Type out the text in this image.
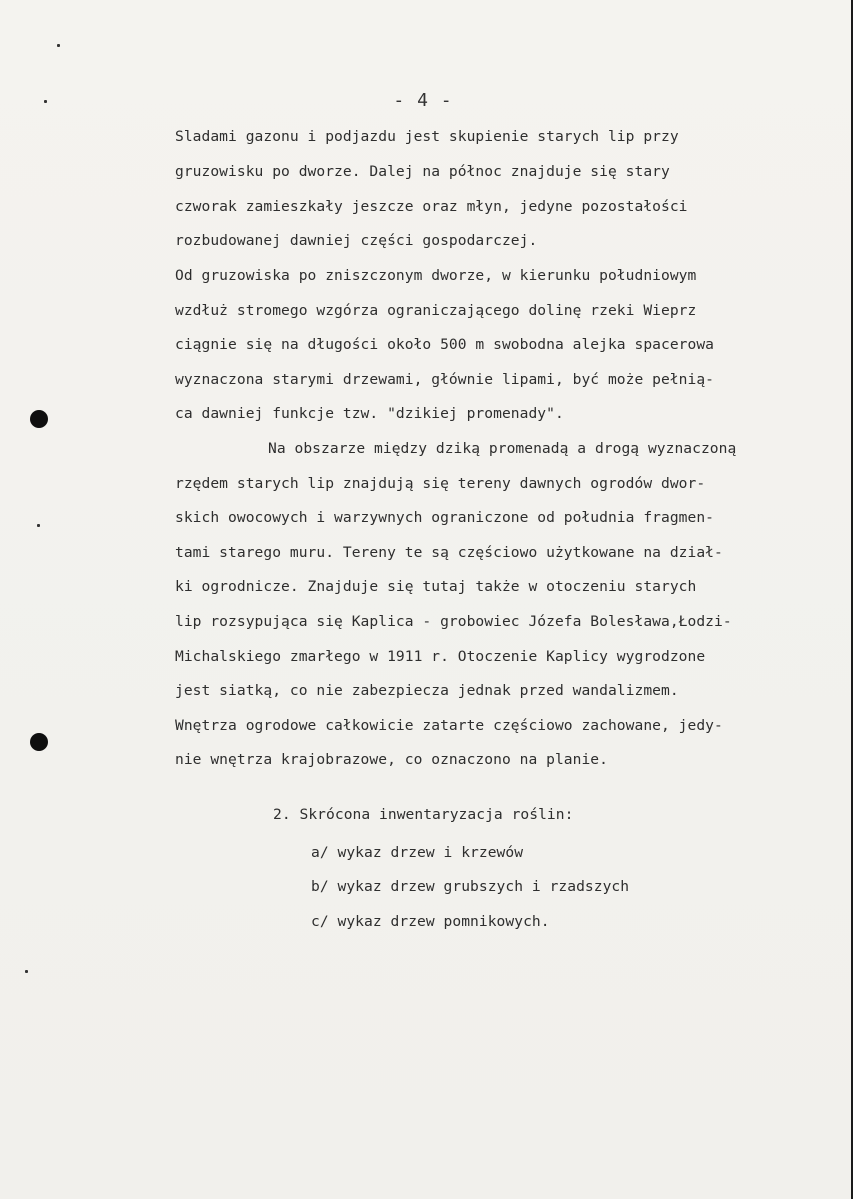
- 4 -
Sladami gazonu i podjazdu jest skupienie starych lip przy
gruzowisku po dworze. Dalej na północ znajduje się stary
czworak zamieszkały jeszcze oraz młyn, jedyne pozostałości
rozbudowanej dawniej części gospodarczej.
Od gruzowiska po zniszczonym dworze, w kierunku południowym
wzdłuż stromego wzgórza ograniczającego dolinę rzeki Wieprz
ciągnie się na długości około 500 m swobodna alejka spacerowa
wyznaczona starymi drzewami, głównie lipami, być może pełnią-
ca dawniej funkcje tzw. "dzikiej promenady".
Na obszarze między dziką promenadą a drogą wyznaczoną
rzędem starych lip znajdują się tereny dawnych ogrodów dwor-
skich owocowych i warzywnych ograniczone od południa fragmen-
tami starego muru. Tereny te są częściowo użytkowane na dział-
ki ogrodnicze. Znajduje się tutaj także w otoczeniu starych
lip rozsypująca się Kaplica - grobowiec Józefa Bolesława,Łodzi-
Michalskiego zmarłego w 1911 r. Otoczenie Kaplicy wygrodzone
jest siatką, co nie zabezpiecza jednak przed wandalizmem.
Wnętrza ogrodowe całkowicie zatarte częściowo zachowane, jedy-
nie wnętrza krajobrazowe, co oznaczono na planie.
2. Skrócona inwentaryzacja roślin:
a/ wykaz drzew i krzewów
b/ wykaz drzew grubszych i rzadszych
c/ wykaz drzew pomnikowych.
